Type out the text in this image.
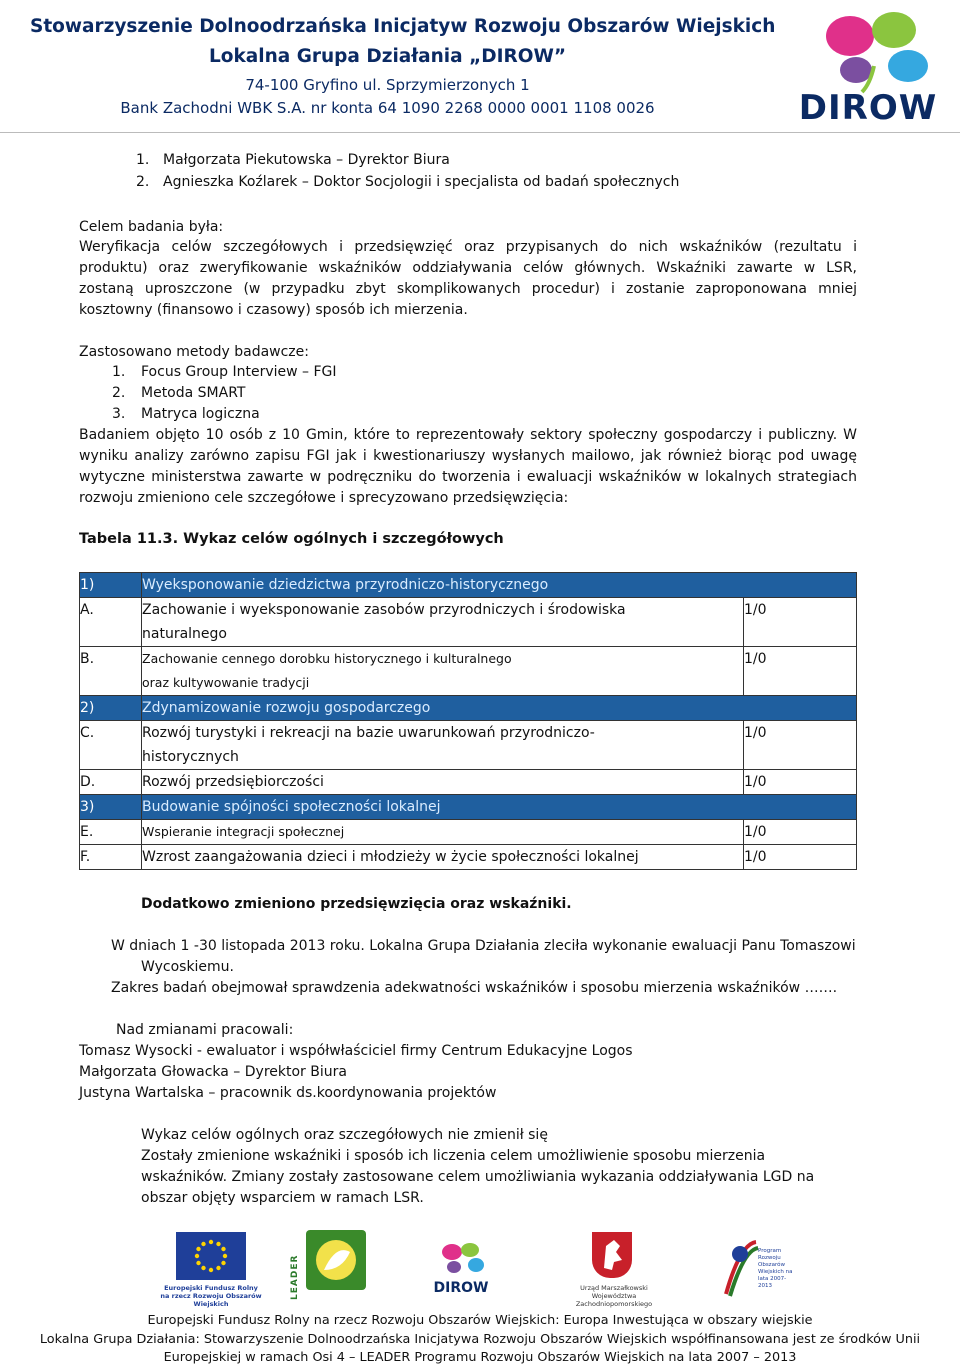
Stowarzyszenie Dolnoodrzańska Inicjatyw Rozwoju Obszarów Wiejskich
Lokalna Grupa Działania „DIROW”
74-100 Gryfino ul. Sprzymierzonych 1
Bank Zachodni WBK S.A. nr konta 64 1090 2268 0000 0001 1108 0026	DIROW
1. Małgorzata Piekutowska – Dyrektor Biura
2. Agnieszka Koźlarek – Doktor Socjologii i specjalista od badań społecznych
Celem badania była:
Weryfikacja celów szczegółowych i przedsięwzięć oraz przypisanych do nich wskaźników (rezultatu i
produktu) oraz zweryfikowanie wskaźników oddziaływania celów głównych. Wskaźniki zawarte w LSR,
zostaną uproszczone (w przypadku zbyt skomplikowanych procedur) i zostanie zaproponowana mniej
kosztowny (finansowo i czasowy) sposób ich mierzenia.
Zastosowano metody badawcze:
1. Focus Group Interview – FGI
2. Metoda SMART
3. Matryca logiczna
Badaniem objęto 10 osób z 10 Gmin, które to reprezentowały sektory społeczny gospodarczy i publiczny. W
wyniku analizy zarówno zapisu FGI jak i kwestionariuszy wysłanych mailowo, jak również biorąc pod uwagę
wytyczne ministerstwa zawarte w podręczniku do tworzenia i ewaluacji wskaźników w lokalnych strategiach
rozwoju zmieniono cele szczegółowe i sprecyzowano przedsięwzięcia:
Tabela 11.3. Wykaz celów ogólnych i szczegółowych
1)	Wyeksponowanie dziedzictwa przyrodniczo-historycznego	
A.	Zachowanie i wyeksponowanie zasobów przyrodniczych i środowiska
naturalnego	1/0
B.	Zachowanie cennego dorobku historycznego i kulturalnego
oraz kultywowanie tradycji	1/0
2)	Zdynamizowanie rozwoju gospodarczego	
C.	Rozwój turystyki i rekreacji na bazie uwarunkowań przyrodniczo-
historycznych	1/0
D.	Rozwój przedsiębiorczości	1/0
3)	Budowanie spójności społeczności lokalnej	
E.	Wspieranie integracji społecznej	1/0
F.	Wzrost zaangażowania dzieci i młodzieży w życie społeczności lokalnej	1/0
Dodatkowo zmieniono przedsięwzięcia oraz wskaźniki.
W dniach 1 -30 listopada 2013 roku. Lokalna Grupa Działania zleciła wykonanie ewaluacji Panu Tomaszowi
Wycoskiemu.
Zakres badań obejmował sprawdzenia adekwatności wskaźników i sposobu mierzenia wskaźników …….
Nad zmianami pracowali:
Tomasz Wysocki - ewaluator i współwłaściciel firmy Centrum Edukacyjne Logos
Małgorzata Głowacka – Dyrektor Biura
Justyna Wartalska – pracownik ds.koordynowania projektów
Wykaz celów ogólnych oraz szczegółowych nie zmienił się
Zostały zmienione wskaźniki i sposób ich liczenia celem umożliwienie sposobu mierzenia
wskaźników. Zmiany zostały zastosowane celem umożliwiania wykazania oddziaływania LGD na
obszar objęty wsparciem w ramach LSR.
Europejski Fundusz Rolny na rzecz Rozwoju Obszarów Wiejskich
LEADER	DIROW	Urząd Marszałkowski Województwa Zachodniopomorskiego
Program Rozwoju Obszarów Wiejskich na lata 2007-2013
Europejski Fundusz Rolny na rzecz Rozwoju Obszarów Wiejskich: Europa Inwestująca w obszary wiejskie
Lokalna Grupa Działania: Stowarzyszenie Dolnoodrzańska Inicjatywa Rozwoju Obszarów Wiejskich współfinansowana jest ze środków Unii
Europejskiej w ramach Osi 4 – LEADER Programu Rozwoju Obszarów Wiejskich na lata 2007 – 2013
